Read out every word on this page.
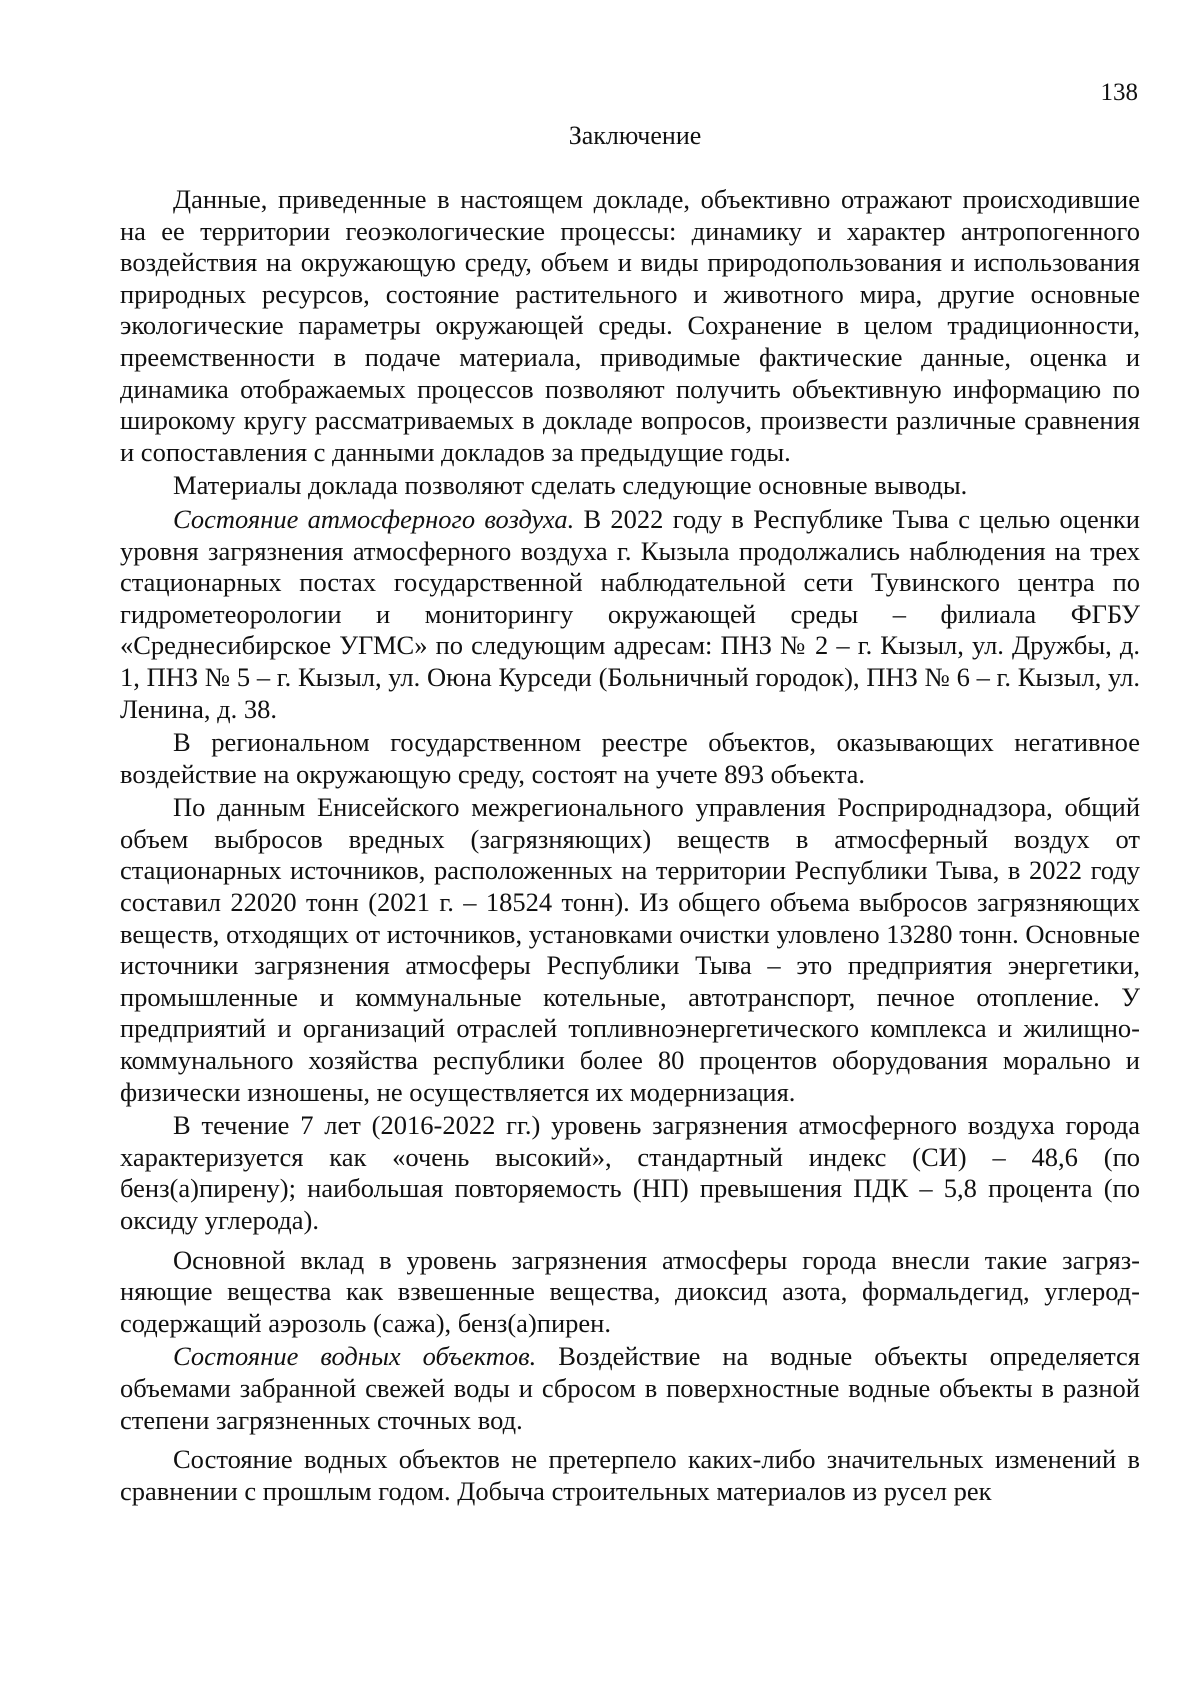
138
Заключение

Данные, приведенные в настоящем докладе, объективно отражают происходившие на ее территории геоэкологические процессы: динамику и характер антропогенного воздействия на окружающую среду, объем и виды природопользования и использования природных ресурсов, состояние растительного и животного мира, другие основные экологические параметры окружающей среды. Сохранение в целом традиционности, преемственности в подаче материала, приводимые фактические данные, оценка и динамика отображаемых процессов позволяют получить объективную информацию по широкому кругу рассматриваемых в докладе вопросов, произвести различные сравнения и сопоставления с данными докладов за предыдущие годы.

Материалы доклада позволяют сделать следующие основные выводы.

Состояние атмосферного воздуха. В 2022 году в Республике Тыва с целью оценки уровня загрязнения атмосферного воздуха г. Кызыла продолжались наблюдения на трех стационарных постах государственной наблюдательной сети Тувинского центра по гидрометеорологии и мониторингу окружающей среды – филиала ФГБУ «Среднесибирское УГМС» по следующим адресам: ПНЗ № 2 – г. Кызыл, ул. Дружбы, д. 1, ПНЗ № 5 – г. Кызыл, ул. Оюна Курседи (Больничный городок), ПНЗ № 6 – г. Кызыл, ул. Ленина, д. 38.

В региональном государственном реестре объектов, оказывающих негативное воздействие на окружающую среду, состоят на учете 893 объекта.

По данным Енисейского межрегионального управления Росприроднадзора, общий объем выбросов вредных (загрязняющих) веществ в атмосферный воздух от стационарных источников, расположенных на территории Республики Тыва, в 2022 году составил 22020 тонн (2021 г. – 18524 тонн). Из общего объема выбросов загрязняющих веществ, отходящих от источников, установками очистки уловлено 13280 тонн. Основные источники загрязнения атмосферы Республики Тыва – это предприятия энергетики, промышленные и коммунальные котельные, автотранспорт, печное отопление. У предприятий и организаций отраслей топливноэнергетического комплекса и жилищно-коммунального хозяйства республики более 80 процентов оборудования морально и физически изношены, не осуществляется их модернизация.

В течение 7 лет (2016-2022 гг.) уровень загрязнения атмосферного воздуха города характеризуется как «очень высокий», стандартный индекс (СИ) – 48,6 (по бенз(а)пирену); наибольшая повторяемость (НП) превышения ПДК – 5,8 процента (по оксиду углерода).

Основной вклад в уровень загрязнения атмосферы города внесли такие загрязняющие вещества как взвешенные вещества, диоксид азота, формальдегид, углеродсодержащий аэрозоль (сажа), бенз(а)пирен.

Состояние водных объектов. Воздействие на водные объекты определяется объемами забранной свежей воды и сбросом в поверхностные водные объекты в разной степени загрязненных сточных вод.

Состояние водных объектов не претерпело каких-либо значительных изменений в сравнении с прошлым годом. Добыча строительных материалов из русел рек
